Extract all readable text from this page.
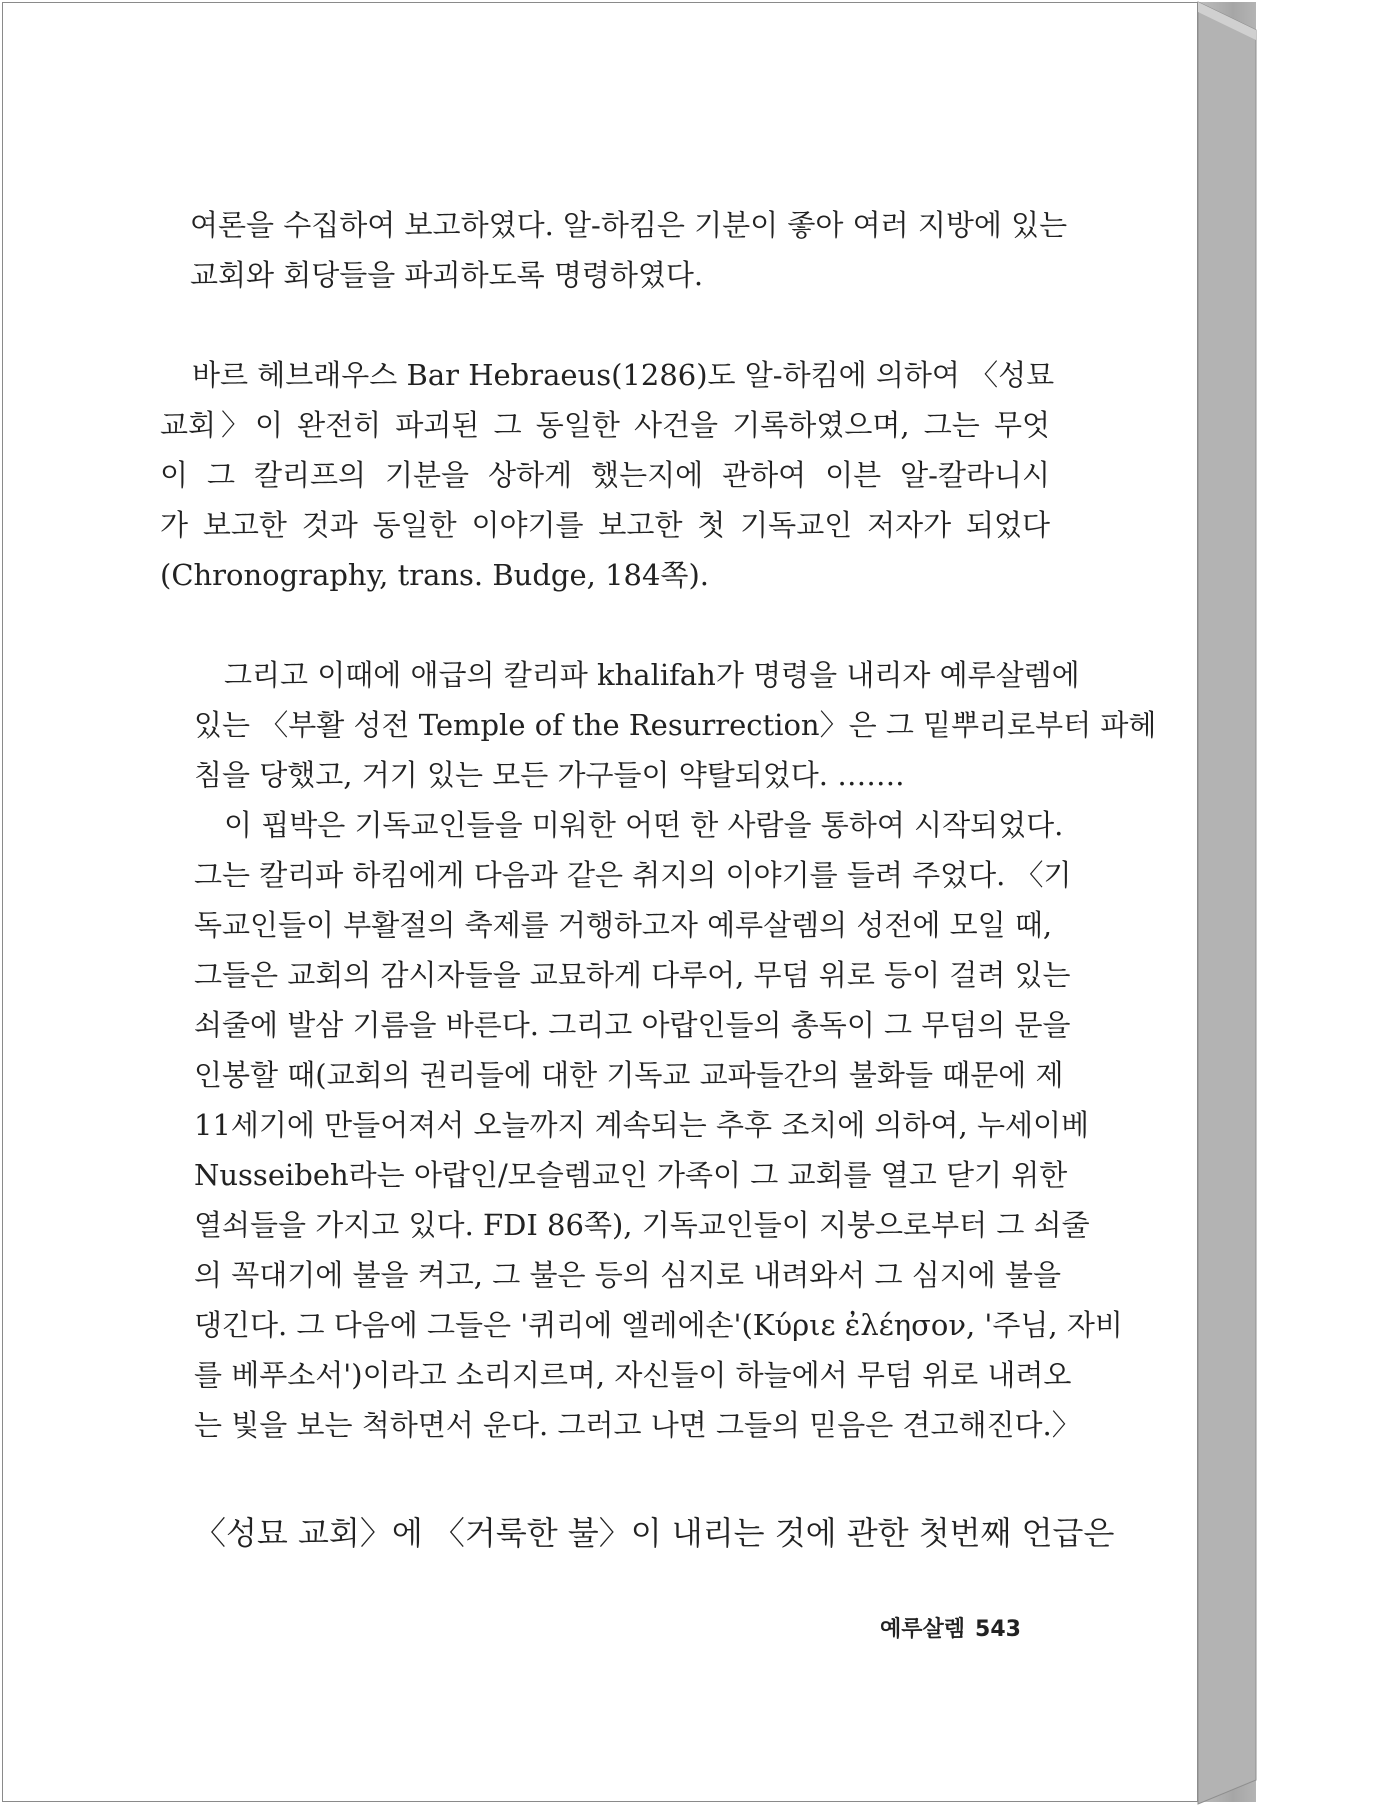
여론을 수집하여 보고하였다. 알-하킴은 기분이 좋아 여러 지방에 있는
교회와 회당들을 파괴하도록 명령하였다.
바르 헤브래우스 Bar Hebraeus(1286)도 알-하킴에 의하여 〈성묘
교회〉이 완전히 파괴된 그 동일한 사건을 기록하였으며, 그는 무엇
이 그 칼리프의 기분을 상하게 했는지에 관하여 이븐 알-칼라니시
가 보고한 것과 동일한 이야기를 보고한 첫 기독교인 저자가 되었다
(Chronography, trans. Budge, 184쪽).
그리고 이때에 애급의 칼리파 khalifah가 명령을 내리자 예루살렘에
있는 〈부활 성전 Temple of the Resurrection〉은 그 밑뿌리로부터 파헤
침을 당했고, 거기 있는 모든 가구들이 약탈되었다. …….
이 핍박은 기독교인들을 미워한 어떤 한 사람을 통하여 시작되었다.
그는 칼리파 하킴에게 다음과 같은 취지의 이야기를 들려 주었다. 〈기
독교인들이 부활절의 축제를 거행하고자 예루살렘의 성전에 모일 때,
그들은 교회의 감시자들을 교묘하게 다루어, 무덤 위로 등이 걸려 있는
쇠줄에 발삼 기름을 바른다. 그리고 아랍인들의 총독이 그 무덤의 문을
인봉할 때(교회의 권리들에 대한 기독교 교파들간의 불화들 때문에 제
11세기에 만들어져서 오늘까지 계속되는 추후 조치에 의하여, 누세이베
Nusseibeh라는 아랍인/모슬렘교인 가족이 그 교회를 열고 닫기 위한
열쇠들을 가지고 있다. FDI 86쪽), 기독교인들이 지붕으로부터 그 쇠줄
의 꼭대기에 불을 켜고, 그 불은 등의 심지로 내려와서 그 심지에 불을
댕긴다. 그 다음에 그들은 '퀴리에 엘레에손'(Κύριε ἐλέησον, '주님, 자비
를 베푸소서')이라고 소리지르며, 자신들이 하늘에서 무덤 위로 내려오
는 빛을 보는 척하면서 운다. 그러고 나면 그들의 믿음은 견고해진다.〉
〈성묘 교회〉에 〈거룩한 불〉이 내리는 것에 관한 첫번째 언급은
예루살렘 543
